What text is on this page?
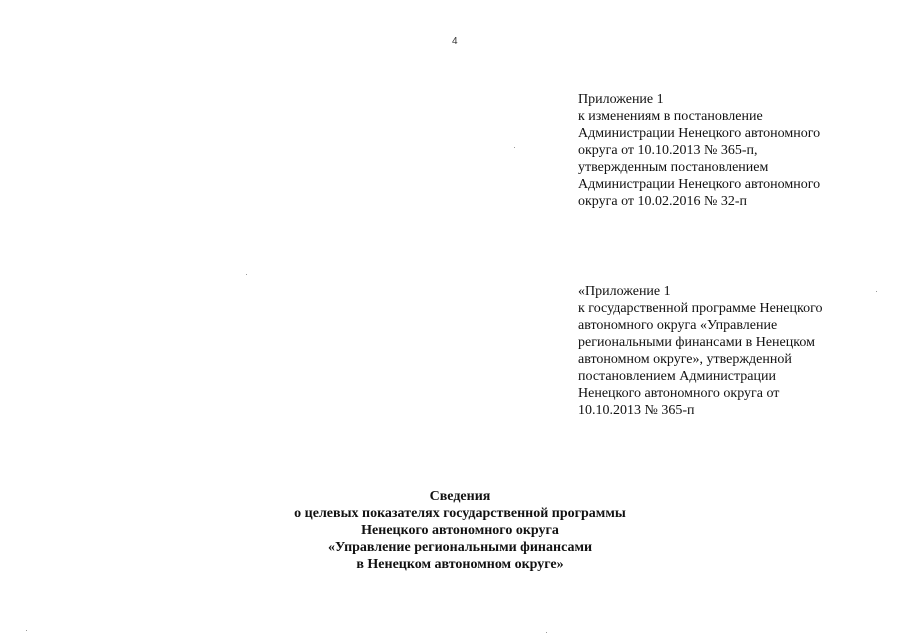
4
Приложение 1
к изменениям в постановление
Администрации Ненецкого автономного
округа от 10.10.2013 № 365-п,
утвержденным постановлением
Администрации Ненецкого автономного
округа от 10.02.2016 № 32-п
«Приложение 1
к государственной программе Ненецкого
автономного округа «Управление
региональными финансами в Ненецком
автономном округе», утвержденной
постановлением Администрации
Ненецкого автономного округа от
10.10.2013 № 365-п
Сведения
о целевых показателях государственной программы
Ненецкого автономного округа
«Управление региональными финансами
в Ненецком автономном округе»
